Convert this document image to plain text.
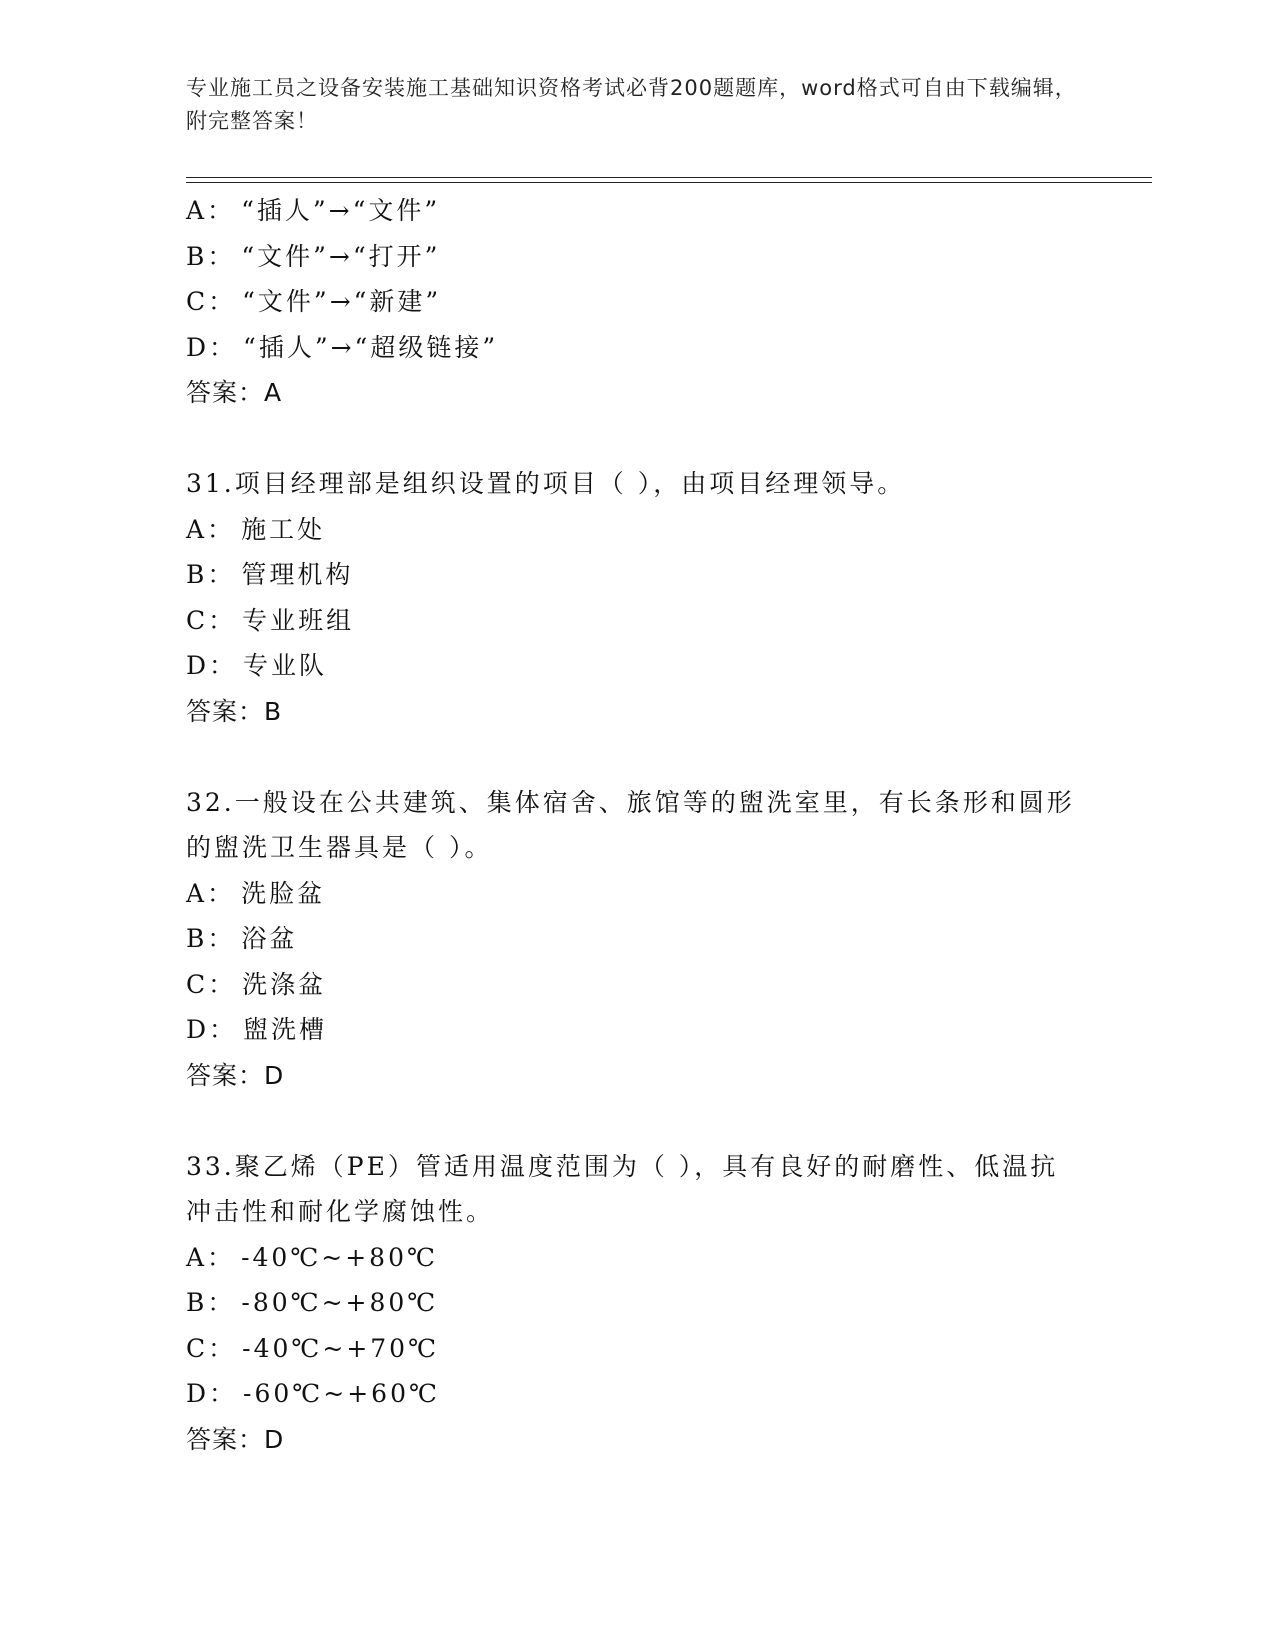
专业施工员之设备安装施工基础知识资格考试必背200题题库，word格式可自由下载编辑，附完整答案！
A： “插人”→“文件”
B： “文件”→“打开”
C： “文件”→“新建”
D： “插人”→“超级链接”
答案：A
31.项目经理部是组织设置的项目（ ），由项目经理领导。
A： 施工处
B： 管理机构
C： 专业班组
D： 专业队
答案：B
32.一般设在公共建筑、集体宿舍、旅馆等的盥洗室里，有长条形和圆形的盥洗卫生器具是（ ）。
A： 洗脸盆
B： 浴盆
C： 洗涤盆
D： 盥洗槽
答案：D
33.聚乙烯（PE）管适用温度范围为（ ），具有良好的耐磨性、低温抗冲击性和耐化学腐蚀性。
A： -40℃~+80℃
B： -80℃~+80℃
C： -40℃~+70℃
D： -60℃~+60℃
答案：D
